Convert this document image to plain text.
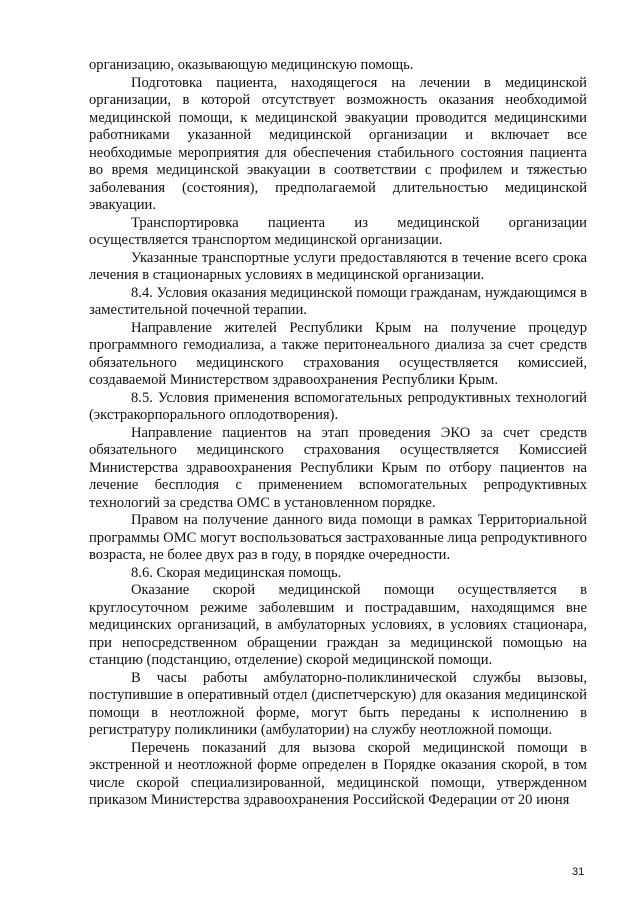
организацию, оказывающую медицинскую помощь.

Подготовка пациента, находящегося на лечении в медицинской организации, в которой отсутствует возможность оказания необходимой медицинской помощи, к медицинской эвакуации проводится медицинскими работниками указанной медицинской организации и включает все необходимые мероприятия для обеспечения стабильного состояния пациента во время медицинской эвакуации в соответствии с профилем и тяжестью заболевания (состояния), предполагаемой длительностью медицинской эвакуации.

Транспортировка пациента из медицинской организации осуществляется транспортом медицинской организации.

Указанные транспортные услуги предоставляются в течение всего срока лечения в стационарных условиях в медицинской организации.

8.4. Условия оказания медицинской помощи гражданам, нуждающимся в заместительной почечной терапии.

Направление жителей Республики Крым на получение процедур программного гемодиализа, а также перитонеального диализа за счет средств обязательного медицинского страхования осуществляется комиссией, создаваемой Министерством здравоохранения Республики Крым.

8.5. Условия применения вспомогательных репродуктивных технологий (экстракорпорального оплодотворения).

Направление пациентов на этап проведения ЭКО за счет средств обязательного медицинского страхования осуществляется Комиссией Министерства здравоохранения Республики Крым по отбору пациентов на лечение бесплодия с применением вспомогательных репродуктивных технологий за средства ОМС в установленном порядке.

Правом на получение данного вида помощи в рамках Территориальной программы ОМС могут воспользоваться застрахованные лица репродуктивного возраста, не более двух раз в году, в порядке очередности.

8.6. Скорая медицинская помощь.

Оказание скорой медицинской помощи осуществляется в круглосуточном режиме заболевшим и пострадавшим, находящимся вне медицинских организаций, в амбулаторных условиях, в условиях стационара, при непосредственном обращении граждан за медицинской помощью на станцию (подстанцию, отделение) скорой медицинской помощи.

В часы работы амбулаторно-поликлинической службы вызовы, поступившие в оперативный отдел (диспетчерскую) для оказания медицинской помощи в неотложной форме, могут быть переданы к исполнению в регистратуру поликлиники (амбулатории) на службу неотложной помощи.

Перечень показаний для вызова скорой медицинской помощи в экстренной и неотложной форме определен в Порядке оказания скорой, в том числе скорой специализированной, медицинской помощи, утвержденном приказом Министерства здравоохранения Российской Федерации от 20 июня

31
